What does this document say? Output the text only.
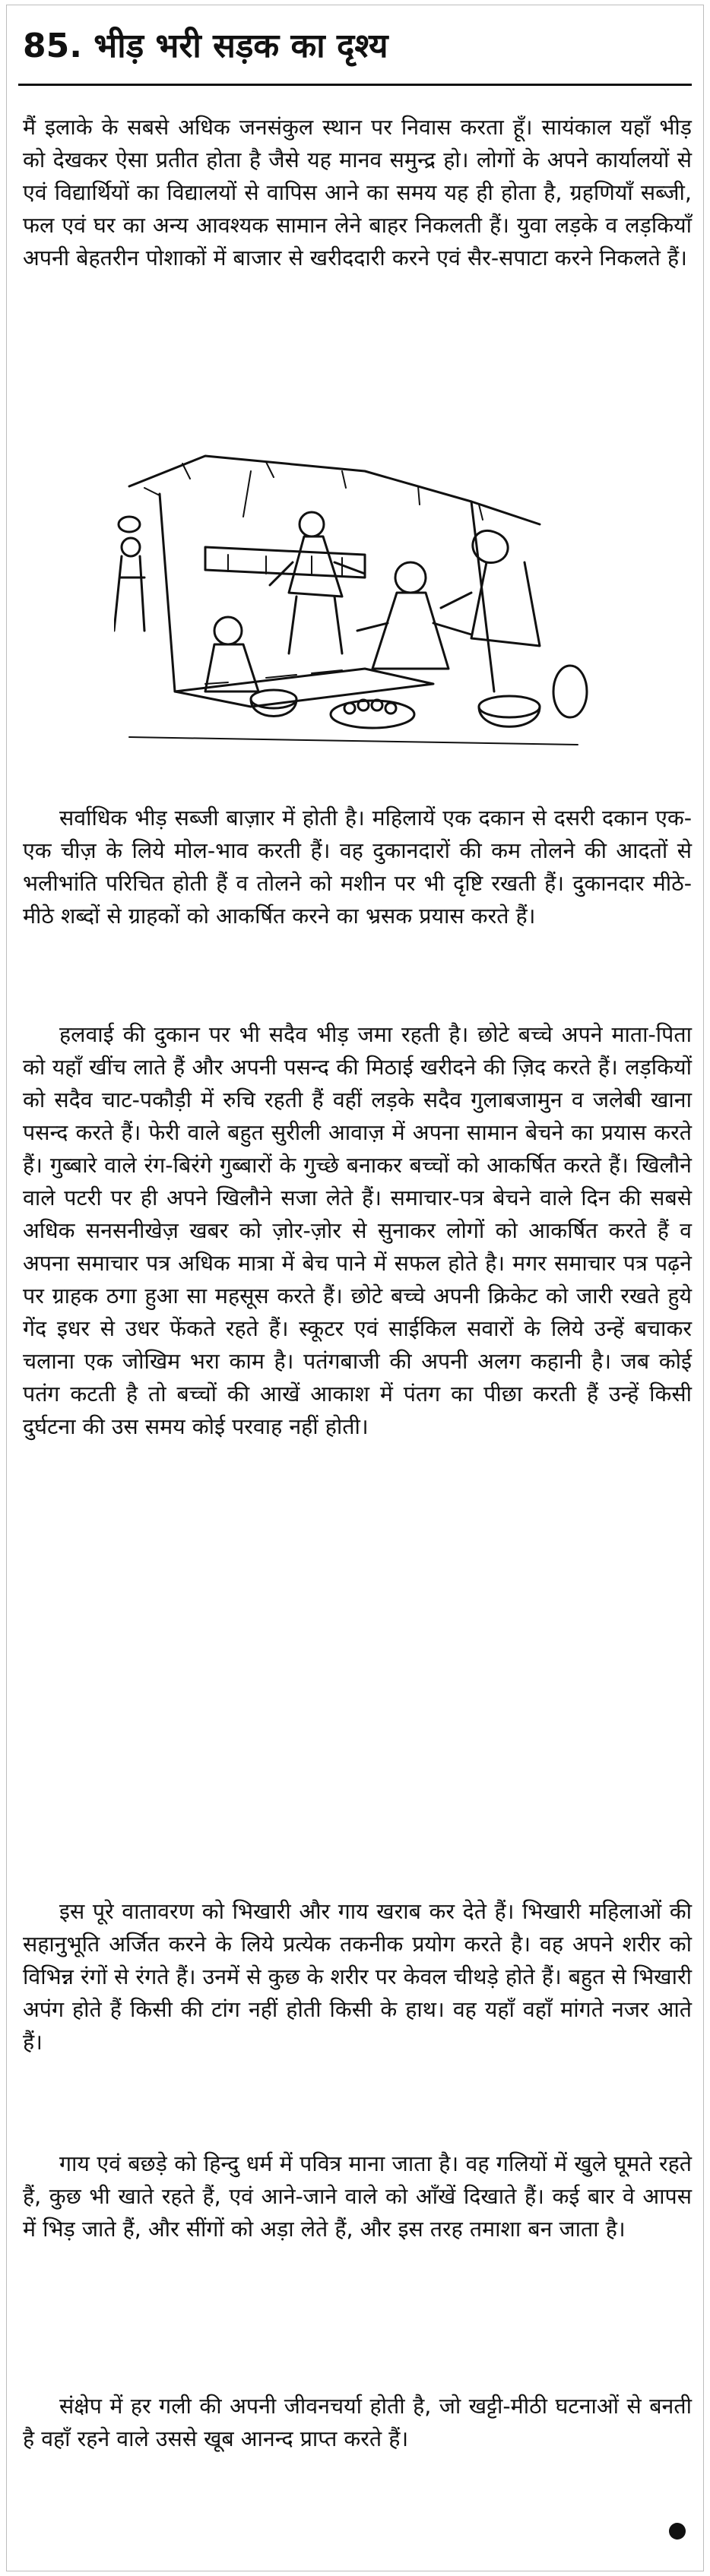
85. भीड़ भरी सड़क का दृश्य

मैं इलाके के सबसे अधिक जनसंकुल स्थान पर निवास करता हूँ। सायंकाल यहाँ भीड़ को देखकर ऐसा प्रतीत होता है जैसे यह मानव समुन्द्र हो। लोगों के अपने कार्यालयों से एवं विद्यार्थियों का विद्यालयों से वापिस आने का समय यह ही होता है, ग्रहणियाँ सब्जी, फल एवं घर का अन्य आवश्यक सामान लेने बाहर निकलती हैं। युवा लड़के व लड़कियाँ अपनी बेहतरीन पोशाकों में बाजार से खरीददारी करने एवं सैर-सपाटा करने निकलते हैं।

सर्वाधिक भीड़ सब्जी बाज़ार में होती है। महिलायें एक दकान से दसरी दकान एक-एक चीज़ के लिये मोल-भाव करती हैं। वह दुकानदारों की कम तोलने की आदतों से भलीभांति परिचित होती हैं व तोलने को मशीन पर भी दृष्टि रखती हैं। दुकानदार मीठे-मीठे शब्दों से ग्राहकों को आकर्षित करने का भ्रसक प्रयास करते हैं।

हलवाई की दुकान पर भी सदैव भीड़ जमा रहती है। छोटे बच्चे अपने माता-पिता को यहाँ खींच लाते हैं और अपनी पसन्द की मिठाई खरीदने की ज़िद करते हैं। लड़कियों को सदैव चाट-पकौड़ी में रुचि रहती हैं वहीं लड़के सदैव गुलाबजामुन व जलेबी खाना पसन्द करते हैं। फेरी वाले बहुत सुरीली आवाज़ में अपना सामान बेचने का प्रयास करते हैं। गुब्बारे वाले रंग-बिरंगे गुब्बारों के गुच्छे बनाकर बच्चों को आकर्षित करते हैं। खिलौने वाले पटरी पर ही अपने खिलौने सजा लेते हैं। समाचार-पत्र बेचने वाले दिन की सबसे अधिक सनसनीखेज़ खबर को ज़ोर-ज़ोर से सुनाकर लोगों को आकर्षित करते हैं व अपना समाचार पत्र अधिक मात्रा में बेच पाने में सफल होते है। मगर समाचार पत्र पढ़ने पर ग्राहक ठगा हुआ सा महसूस करते हैं। छोटे बच्चे अपनी क्रिकेट को जारी रखते हुये गेंद इधर से उधर फेंकते रहते हैं। स्कूटर एवं साईकिल सवारों के लिये उन्हें बचाकर चलाना एक जोखिम भरा काम है। पतंगबाजी की अपनी अलग कहानी है। जब कोई पतंग कटती है तो बच्चों की आखें आकाश में पंतग का पीछा करती हैं उन्हें किसी दुर्घटना की उस समय कोई परवाह नहीं होती।

इस पूरे वातावरण को भिखारी और गाय खराब कर देते हैं। भिखारी महिलाओं की सहानुभूति अर्जित करने के लिये प्रत्येक तकनीक प्रयोग करते है। वह अपने शरीर को विभिन्न रंगों से रंगते हैं। उनमें से कुछ के शरीर पर केवल चीथड़े होते हैं। बहुत से भिखारी अपंग होते हैं किसी की टांग नहीं होती किसी के हाथ। वह यहाँ वहाँ मांगते नजर आते हैं।

गाय एवं बछड़े को हिन्दु धर्म में पवित्र माना जाता है। वह गलियों में खुले घूमते रहते हैं, कुछ भी खाते रहते हैं, एवं आने-जाने वाले को आँखें दिखाते हैं। कई बार वे आपस में भिड़ जाते हैं, और सींगों को अड़ा लेते हैं, और इस तरह तमाशा बन जाता है।

संक्षेप में हर गली की अपनी जीवनचर्या होती है, जो खट्टी-मीठी घटनाओं से बनती है वहाँ रहने वाले उससे खूब आनन्द प्राप्त करते हैं।
